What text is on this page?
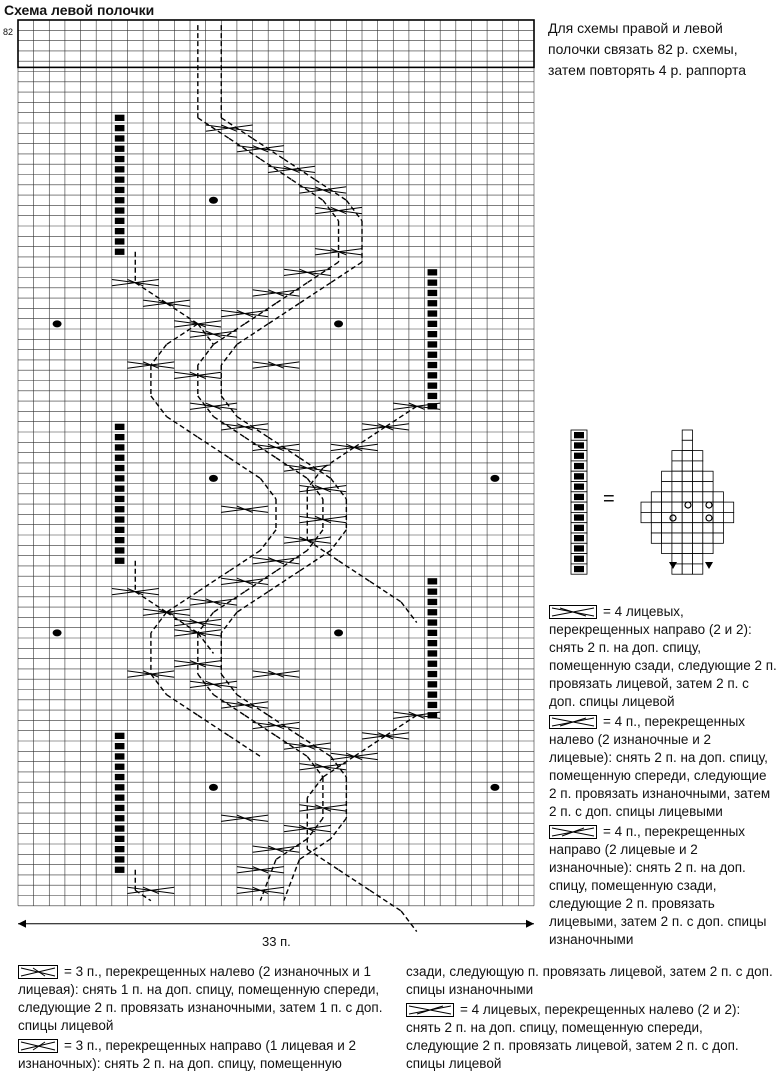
Схема левой полочки
82	Для схемы правой и левой полочки связать 82 р. схемы, затем повторять 4 р. раппорта
33 п.
=
= 4 лицевых, перекрещенных направо (2 и 2): снять 2 п. на доп. спицу, помещенную сзади, следующие 2 п. провязать лицевой, затем 2 п. с доп. спицы лицевой
= 4 п., перекрещенных налево (2 изнаночные и 2 лицевые): снять 2 п. на доп. спицу, помещенную спереди, следующие 2 п. провязать изнаночными, затем 2 п. с доп. спицы лицевыми
= 4 п., перекрещенных направо (2 лицевые и 2 изнаночные): снять 2 п. на доп. спицу, помещенную сзади, следующие 2 п. провязать лицевыми, затем 2 п. с доп. спицы изнаночными
= 3 п., перекрещенных налево (2 изнаночных и 1 лицевая): снять 1 п. на доп. спицу, помещенную спереди, следующие 2 п. провязать изнаночными, затем 1 п. с доп. спицы лицевой
= 3 п., перекрещенных направо (1 лицевая и 2 изнаночных): снять 2 п. на доп. спицу, помещенную
сзади, следующую п. провязать лицевой, затем 2 п. с доп. спицы изнаночными
= 4 лицевых, перекрещенных налево (2 и 2): снять 2 п. на доп. спицу, помещенную спереди, следующие 2 п. провязать лицевой, затем 2 п. с доп. спицы лицевой
